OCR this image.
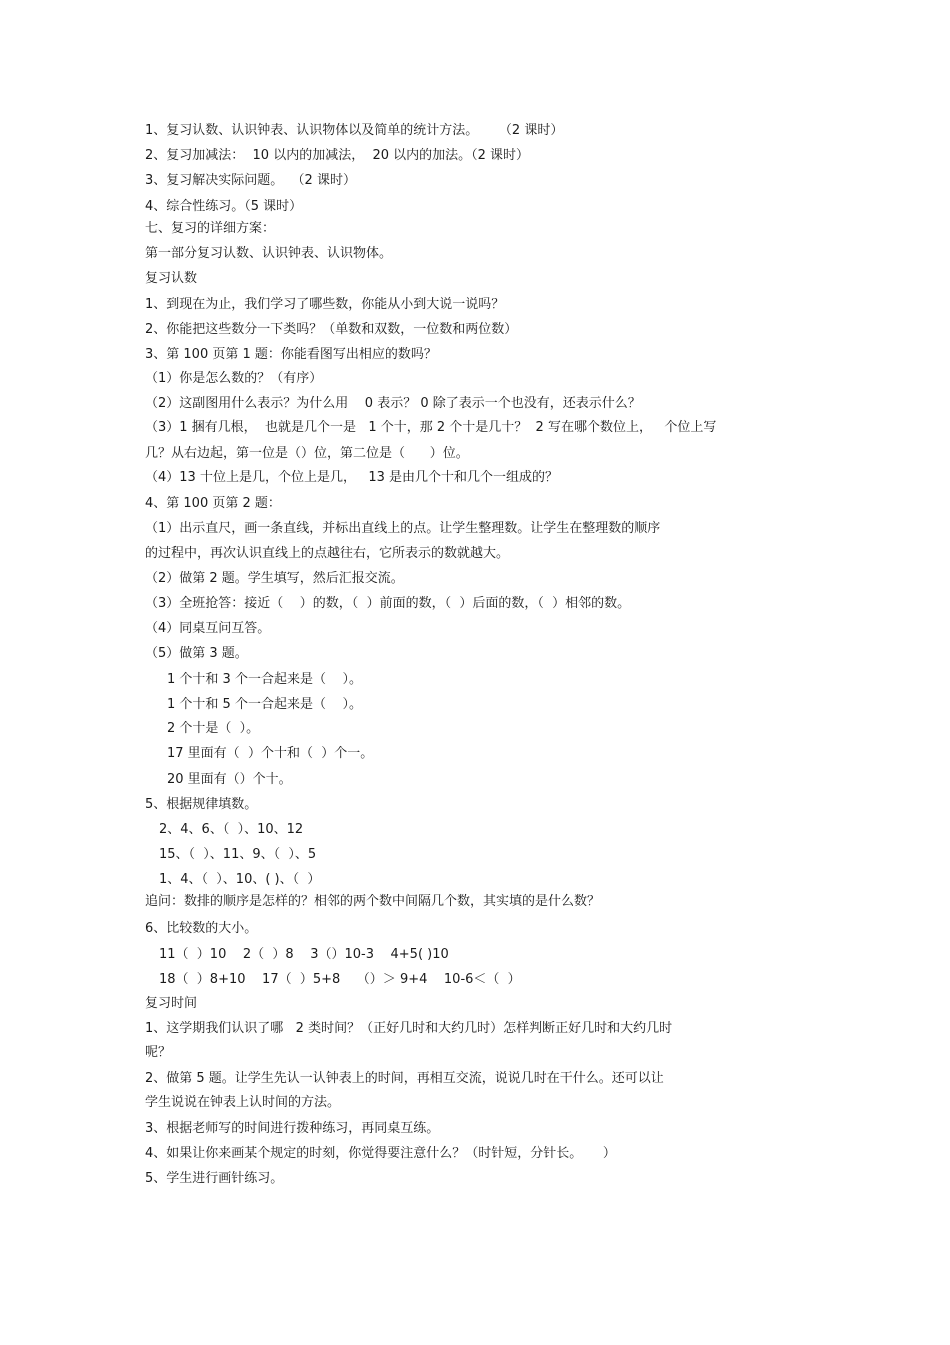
1、复习认数、认识钟表、认识物体以及简单的统计方法。     （2 课时）
2、复习加减法：  10 以内的加减法，  20 以内的加法。（2 课时）
3、复习解决实际问题。  （2 课时）
4、综合性练习。（5 课时）
七、复习的详细方案：
第一部分复习认数、认识钟表、认识物体。
复习认数
1、到现在为止，我们学习了哪些数，你能从小到大说一说吗？
2、你能把这些数分一下类吗？（单数和双数，一位数和两位数）
3、第 100 页第 1 题：你能看图写出相应的数吗？
（1）你是怎么数的？（有序）
（2）这副图用什么表示？为什么用    0 表示？ 0 除了表示一个也没有，还表示什么？
（3）1 捆有几根，  也就是几个一是   1 个十，那 2 个十是几十？  2 写在哪个数位上，   个位上写
几？从右边起，第一位是（）位，第二位是（      ）位。
（4）13 十位上是几，个位上是几，   13 是由几个十和几个一组成的？
4、第 100 页第 2 题：
（1）出示直尺，画一条直线，并标出直线上的点。让学生整理数。让学生在整理数的顺序
的过程中，再次认识直线上的点越往右，它所表示的数就越大。
（2）做第 2 题。学生填写，然后汇报交流。
（3）全班抢答：接近（    ）的数，（  ）前面的数，（  ）后面的数，（  ）相邻的数。
（4）同桌互问互答。
（5）做第 3 题。
1 个十和 3 个一合起来是（    ）。
1 个十和 5 个一合起来是（    ）。
2 个十是（  ）。
17 里面有（  ）个十和（  ）个一。
20 里面有（）个十。
5、根据规律填数。
2、4、6、（  ）、10、12
15、（  ）、11、9、（  ）、5
1、4、（  ）、10、( )、（  ）
追问：数排的顺序是怎样的？相邻的两个数中间隔几个数，其实填的是什么数？
6、比较数的大小。
11（  ）10    2（  ）8    3（）10-3    4+5( )10
18（  ）8+10    17（  ）5+8    （）＞ 9+4    10-6＜（  ）
复习时间
1、这学期我们认识了哪   2 类时间？（正好几时和大约几时）怎样判断正好几时和大约几时
呢？
2、做第 5 题。让学生先认一认钟表上的时间，再相互交流，说说几时在干什么。还可以让
学生说说在钟表上认时间的方法。
3、根据老师写的时间进行拨种练习，再同桌互练。
4、如果让你来画某个规定的时刻，你觉得要注意什么？（时针短，分针长。     ）
5、学生进行画针练习。
